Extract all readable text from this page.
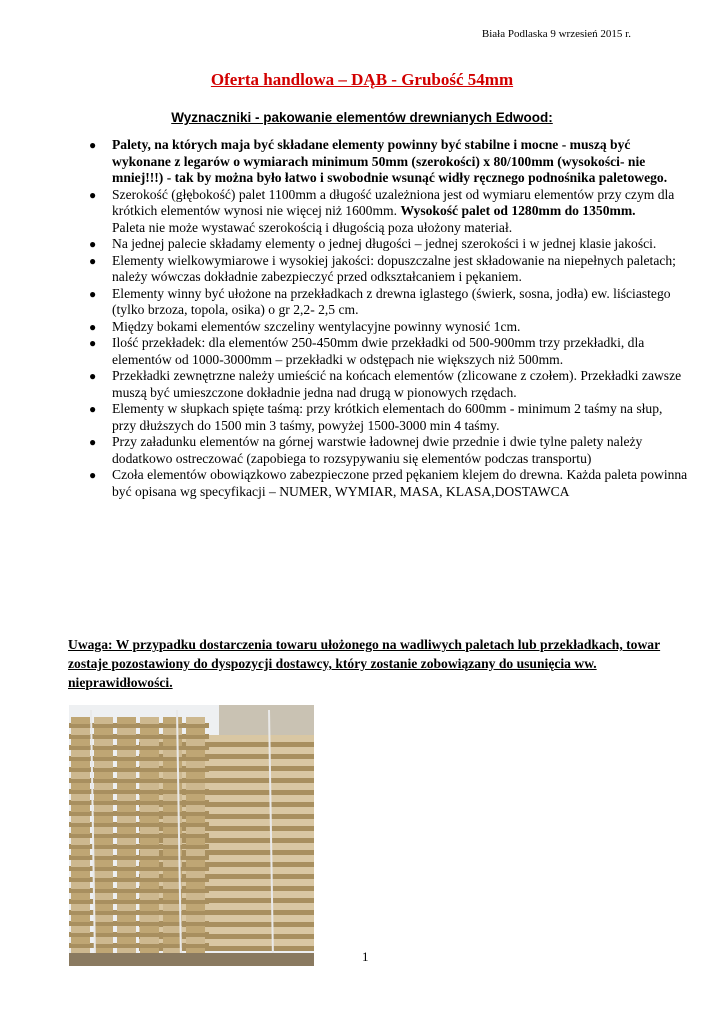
Biała Podlaska 9 wrzesień 2015 r.
Oferta handlowa – DĄB - Grubość 54mm
Wyznaczniki - pakowanie elementów drewnianych Edwood:
● Palety, na których maja być składane elementy powinny być stabilne i mocne - muszą być wykonane z legarów o wymiarach minimum 50mm (szerokości) x 80/100mm (wysokości- nie mniej!!!) - tak by można było łatwo i swobodnie wsunąć widły ręcznego podnośnika paletowego.
● Szerokość (głębokość) palet 1100mm a długość uzależniona jest od wymiaru elementów przy czym dla krótkich elementów wynosi nie więcej niż 1600mm. Wysokość palet od 1280mm do 1350mm.
Paleta nie może wystawać szerokością i długością poza ułożony materiał.
● Na jednej palecie składamy elementy o jednej długości – jednej szerokości i w jednej klasie jakości.
● Elementy wielkowymiarowe i wysokiej jakości: dopuszczalne jest składowanie na niepełnych paletach; należy wówczas dokładnie zabezpieczyć przed odkształcaniem i pękaniem.
● Elementy winny być ułożone na przekładkach z drewna iglastego (świerk, sosna, jodła) ew. liściastego (tylko brzoza, topola, osika) o gr 2,2- 2,5 cm.
● Między bokami elementów szczeliny wentylacyjne powinny wynosić 1cm.
● Ilość przekładek: dla elementów 250-450mm dwie przekładki od 500-900mm trzy przekładki, dla elementów od 1000-3000mm – przekładki w odstępach nie większych niż 500mm.
● Przekładki zewnętrzne należy umieścić na końcach elementów (zlicowane z czołem). Przekładki zawsze muszą być umieszczone dokładnie jedna nad drugą w pionowych rzędach.
● Elementy w słupkach spięte taśmą: przy krótkich elementach do 600mm - minimum 2 taśmy na słup, przy dłuższych do 1500 min 3 taśmy, powyżej 1500-3000 min 4 taśmy.
● Przy załadunku elementów na górnej warstwie ładownej dwie przednie i dwie tylne palety należy dodatkowo ostreczować (zapobiega to rozsypywaniu się elementów podczas transportu)
● Czoła elementów obowiązkowo zabezpieczone przed pękaniem klejem do drewna. Każda paleta powinna być opisana wg specyfikacji – NUMER, WYMIAR, MASA, KLASA,DOSTAWCA
Uwaga: W przypadku dostarczenia towaru ułożonego na wadliwych paletach lub przekładkach, towar zostaje pozostawiony do dyspozycji dostawcy, który zostanie zobowiązany do usunięcia ww. nieprawidłowości.
1
